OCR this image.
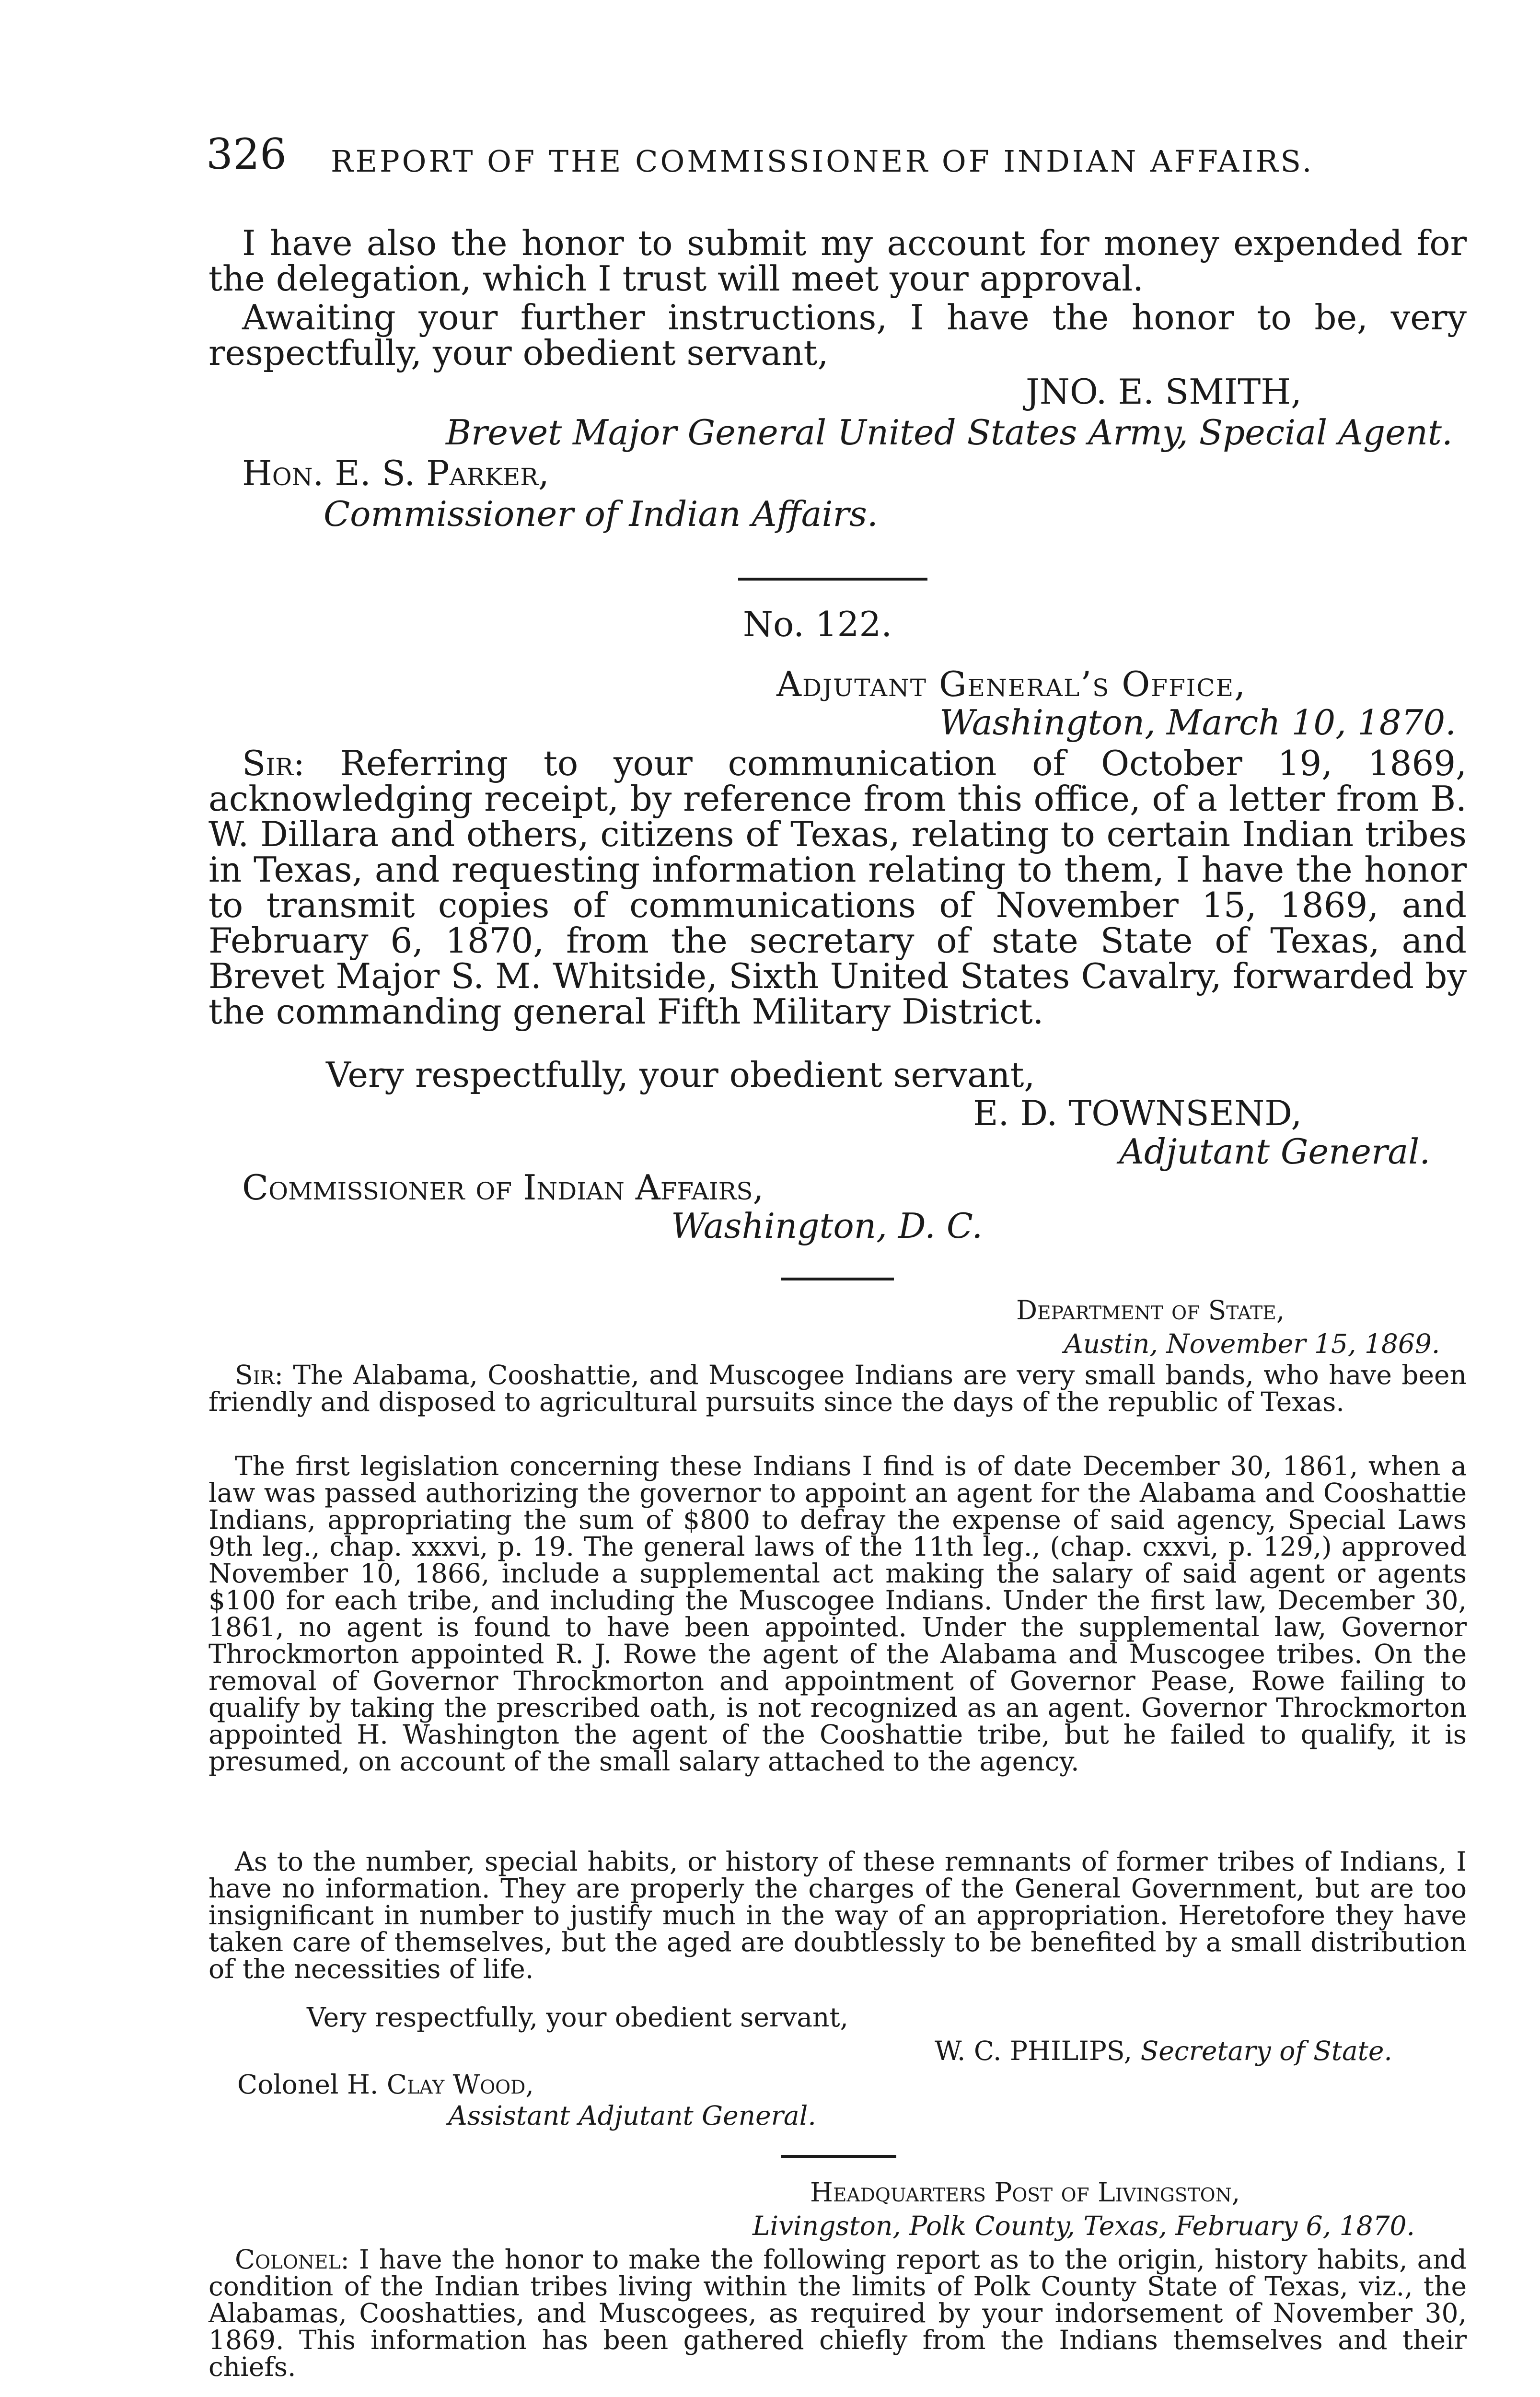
326 REPORT OF THE COMMISSIONER OF INDIAN AFFAIRS.
I have also the honor to submit my account for money expended for the delegation, which I trust will meet your approval.
Awaiting your further instructions, I have the honor to be, very respectfully, your obedient servant,
JNO. E. SMITH,
Brevet Major General United States Army, Special Agent.
Hon. E. S. Parker,
Commissioner of Indian Affairs.
No. 122.
Adjutant General’s Office,
Washington, March 10, 1870.
Sir: Referring to your communication of October 19, 1869, acknowledging receipt, by reference from this office, of a letter from B. W. Dillara and others, citizens of Texas, relating to certain Indian tribes in Texas, and requesting information relating to them, I have the honor to transmit copies of communications of November 15, 1869, and February 6, 1870, from the secretary of state State of Texas, and Brevet Major S. M. Whitside, Sixth United States Cavalry, forwarded by the commanding general Fifth Military District.
Very respectfully, your obedient servant,
E. D. TOWNSEND,
Adjutant General.
Commissioner of Indian Affairs,
Washington, D. C.
Department of State,
Austin, November 15, 1869.
Sir: The Alabama, Cooshattie, and Muscogee Indians are very small bands, who have been friendly and disposed to agricultural pursuits since the days of the republic of Texas.
The first legislation concerning these Indians I find is of date December 30, 1861, when a law was passed authorizing the governor to appoint an agent for the Alabama and Cooshattie Indians, appropriating the sum of $800 to defray the expense of said agency, Special Laws 9th leg., chap. xxxvi, p. 19. The general laws of the 11th leg., (chap. cxxvi, p. 129,) approved November 10, 1866, include a supplemental act making the salary of said agent or agents $100 for each tribe, and including the Muscogee Indians. Under the first law, December 30, 1861, no agent is found to have been appointed. Under the supplemental law, Governor Throckmorton appointed R. J. Rowe the agent of the Alabama and Muscogee tribes. On the removal of Governor Throckmorton and appointment of Governor Pease, Rowe failing to qualify by taking the prescribed oath, is not recognized as an agent. Governor Throckmorton appointed H. Washington the agent of the Cooshattie tribe, but he failed to qualify, it is presumed, on account of the small salary attached to the agency.
As to the number, special habits, or history of these remnants of former tribes of Indians, I have no information. They are properly the charges of the General Government, but are too insignificant in number to justify much in the way of an appropriation. Heretofore they have taken care of themselves, but the aged are doubtlessly to be benefited by a small distribution of the necessities of life.
Very respectfully, your obedient servant,
W. C. PHILIPS, Secretary of State.
Colonel H. Clay Wood,
Assistant Adjutant General.
Headquarters Post of Livingston,
Livingston, Polk County, Texas, February 6, 1870.
Colonel: I have the honor to make the following report as to the origin, history habits, and condition of the Indian tribes living within the limits of Polk County State of Texas, viz., the Alabamas, Cooshatties, and Muscogees, as required by your indorsement of November 30, 1869. This information has been gathered chiefly from the Indians themselves and their chiefs.
